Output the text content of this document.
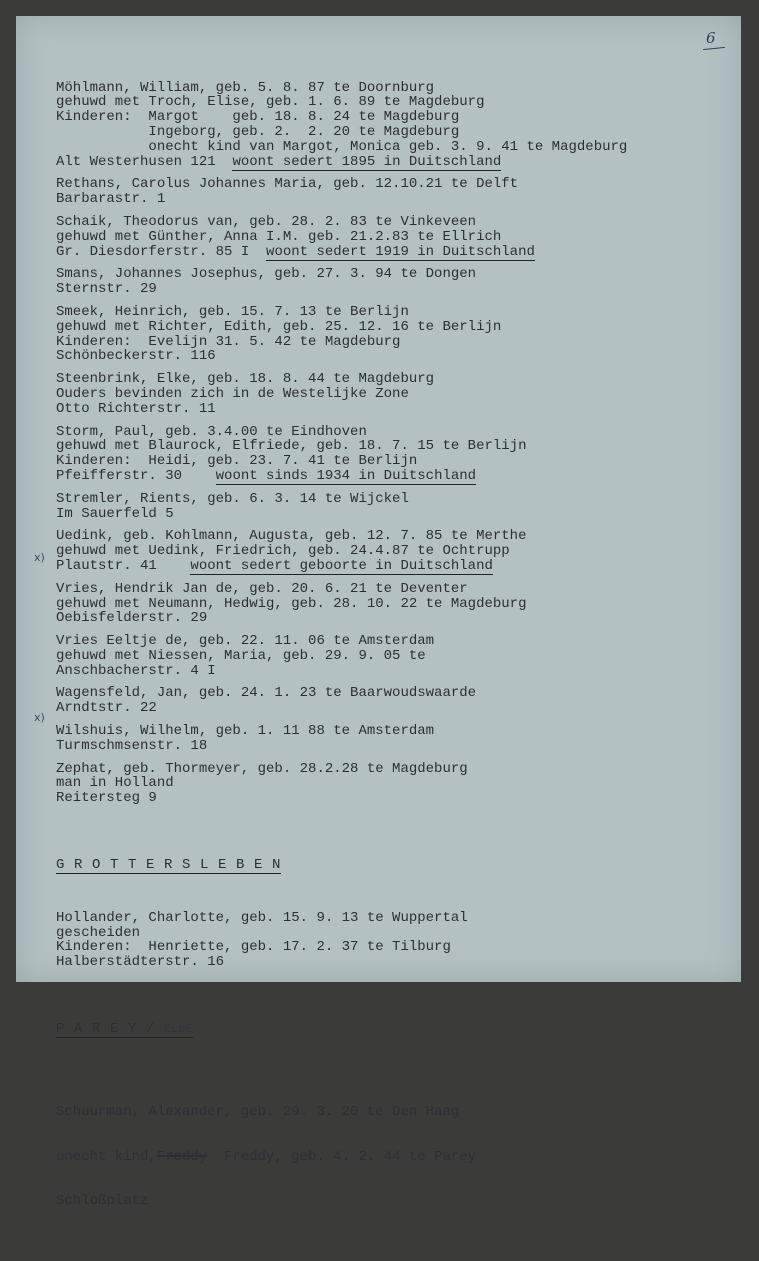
6
x)
x)

Möhlmann, William, geb. 5. 8. 87 te Doornburg
gehuwd met Troch, Elise, geb. 1. 6. 89 te Magdeburg
Kinderen:  Margot    geb. 18. 8. 24 te Magdeburg
Ingeborg, geb. 2.  2. 20 te Magdeburg
onecht kind van Margot, Monica geb. 3. 9. 41 te Magdeburg
Alt Westerhusen 121  woont sedert 1895 in Duitschland
Rethans, Carolus Johannes Maria, geb. 12.10.21 te Delft
Barbarastr. 1
Schaik, Theodorus van, geb. 28. 2. 83 te Vinkeveen
gehuwd met Günther, Anna I.M. geb. 21.2.83 te Ellrich
Gr. Diesdorferstr. 85 I  woont sedert 1919 in Duitschland
Smans, Johannes Josephus, geb. 27. 3. 94 te Dongen
Sternstr. 29
Smeek, Heinrich, geb. 15. 7. 13 te Berlijn
gehuwd met Richter, Edith, geb. 25. 12. 16 te Berlijn
Kinderen:  Evelijn 31. 5. 42 te Magdeburg
Schönbeckerstr. 116
Steenbrink, Elke, geb. 18. 8. 44 te Magdeburg
Ouders bevinden zich in de Westelijke Zone
Otto Richterstr. 11
Storm, Paul, geb. 3.4.00 te Eindhoven
gehuwd met Blaurock, Elfriede, geb. 18. 7. 15 te Berlijn
Kinderen:  Heidi, geb. 23. 7. 41 te Berlijn
Pfeifferstr. 30    woont sinds 1934 in Duitschland
Stremler, Rients, geb. 6. 3. 14 te Wijckel
Im Sauerfeld 5
Uedink, geb. Kohlmann, Augusta, geb. 12. 7. 85 te Merthe
gehuwd met Uedink, Friedrich, geb. 24.4.87 te Ochtrupp
Plautstr. 41    woont sedert geboorte in Duitschland
Vries, Hendrik Jan de, geb. 20. 6. 21 te Deventer
gehuwd met Neumann, Hedwig, geb. 28. 10. 22 te Magdeburg
Oebisfelderstr. 29
Vries Eeltje de, geb. 22. 11. 06 te Amsterdam
gehuwd met Niessen, Maria, geb. 29. 9. 05 te
Anschbacherstr. 4 I
Wagensfeld, Jan, geb. 24. 1. 23 te Baarwoudswaarde
Arndtstr. 22
Wilshuis, Wilhelm, geb. 1. 11 88 te Amsterdam
Turmschmsenstr. 18
Zephat, geb. Thormeyer, geb. 28.2.28 te Magdeburg
man in Holland
Reitersteg 9

G R O T T E R S L E B E N

Hollander, Charlotte, geb. 15. 9. 13 te Wuppertal
gescheiden
Kinderen:  Henriette, geb. 17. 2. 37 te Tilburg
Halberstädterstr. 16

P A R E Y / ELBE

Schuurman, Alexander, geb. 29. 3. 20 te Den Haag

onecht kind,Freddy  Freddy, geb. 4. 2. 44 te Parey

Schloßplatz
